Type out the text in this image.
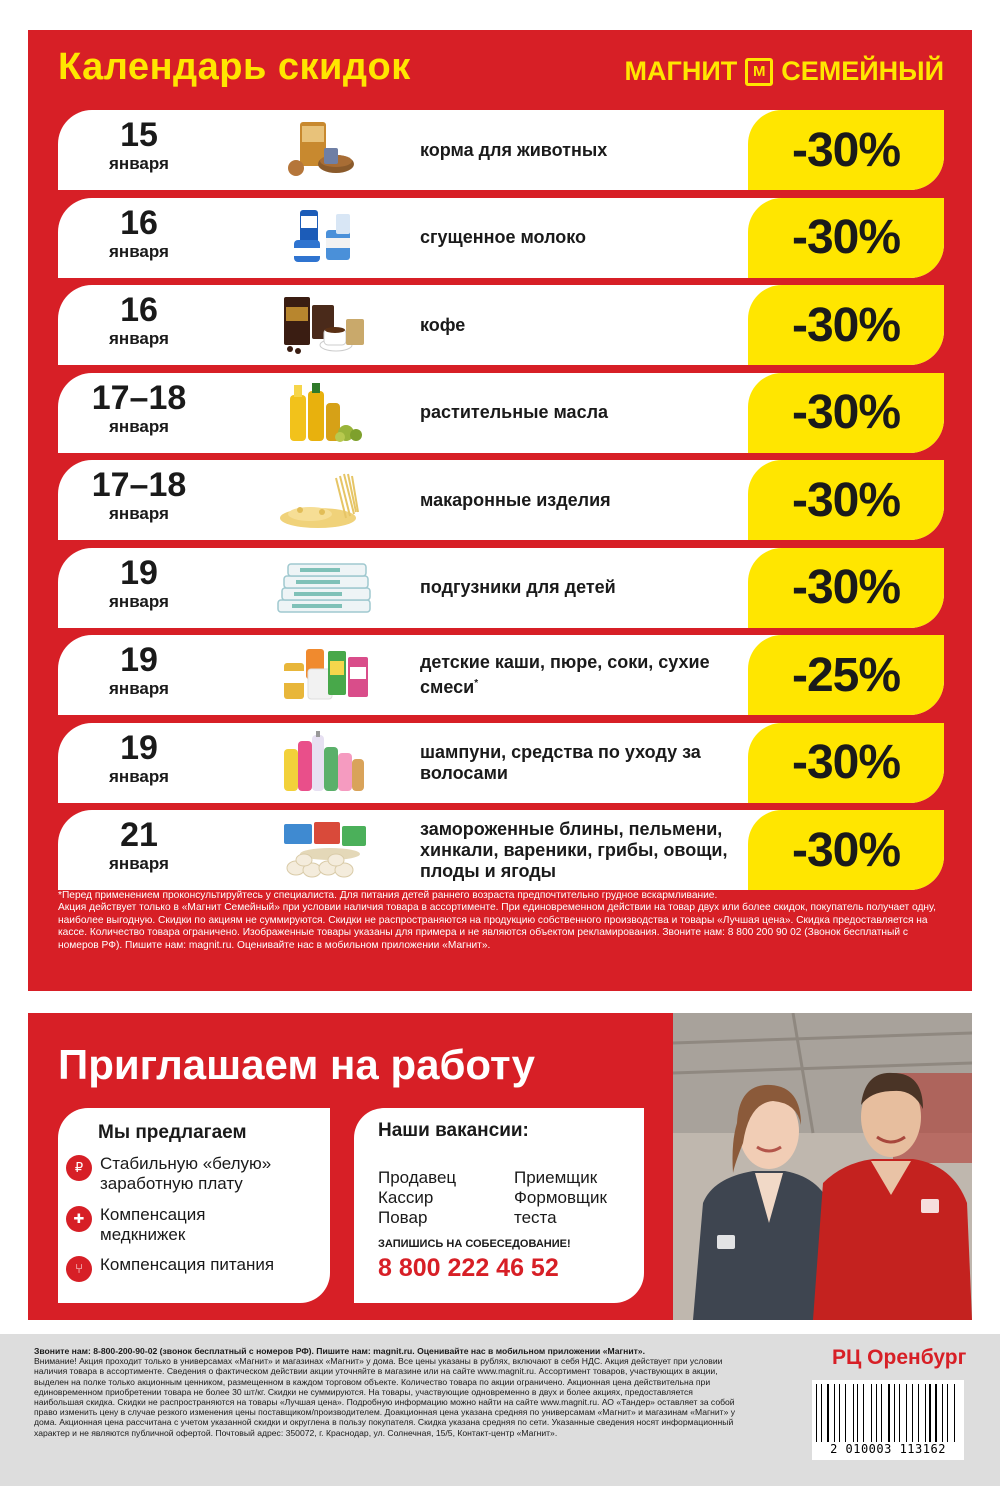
Календарь скидок	МАГНИТ	М СЕМЕЙНЫЙ
15
января
корма для животных	-30%
16
января
сгущенное молоко	-30%
16
января
кофе	-30%
17–18
января
растительные масла	-30%
17–18
января
макаронные изделия	-30%
19
января
подгузники для детей	-30%
19
января
детские каши, пюре, соки, сухие смеси*	-25%
19
января
шампуни, средства по уходу за волосами	-30%
21
января
замороженные блины, пельмени, хинкали, вареники, грибы, овощи, плоды и ягоды	-30%
*Перед применением проконсультируйтесь у специалиста. Для питания детей раннего возраста предпочтительно грудное вскармливание.
Акция действует только в «Магнит Семейный» при условии наличия товара в ассортименте. При единовременном действии на товар двух или более скидок, покупатель получает одну, наиболее выгодную. Скидки по акциям не суммируются. Скидки не распространяются на продукцию собственного производства и товары «Лучшая цена». Скидка предоставляется на кассе. Количество товара ограничено. Изображенные товары указаны для примера и не являются объектом рекламирования. Звоните нам: 8 800 200 90 02 (Звонок бесплатный с номеров РФ). Пишите нам: magnit.ru. Оценивайте нас в мобильном приложении «Магнит».
Приглашаем на работу
Мы предлагаем
₽ Стабильную «белую» заработную плату
✚ Компенсация медкнижек
⑂	Компенсация питания
Наши вакансии:
Продавец
Кассир
Повар
Приемщик
Формовщик
теста
ЗАПИШИСЬ НА СОБЕСЕДОВАНИЕ!
8 800 222 46 52
Звоните нам: 8-800-200-90-02 (звонок бесплатный с номеров РФ). Пишите нам: magnit.ru. Оценивайте нас в мобильном приложении «Магнит».
Внимание! Акция проходит только в универсамах «Магнит» и магазинах «Магнит» у дома. Все цены указаны в рублях, включают в себя НДС. Акция действует при условии наличия товара в ассортименте. Сведения о фактическом действии акции уточняйте в магазине или на сайте www.magnit.ru. Ассортимент товаров, участвующих в акции, выделен на полке только акционным ценником, размещенном в каждом торговом объекте. Количество товара по акции ограничено. Акционная цена действительна при единовременном приобретении товара не более 30 шт/кг. Скидки не суммируются. На товары, участвующие одновременно в двух и более акциях, предоставляется наибольшая скидка. Скидки не распространяются на товары «Лучшая цена». Подробную информацию можно найти на сайте www.magnit.ru. АО «Тандер» оставляет за собой право изменить цену в случае резкого изменения цены поставщиком/производителем. Доакционная цена указана средняя по универсамам «Магнит» и магазинам «Магнит» у дома. Акционная цена рассчитана с учетом указанной скидки и округлена в пользу покупателя. Скидка указана средняя по сети. Указанные сведения носят информационный характер и не являются публичной офертой. Почтовый адрес: 350072, г. Краснодар, ул. Солнечная, 15/5, Контакт-центр «Магнит».
РЦ Оренбург
2 010003 113162
